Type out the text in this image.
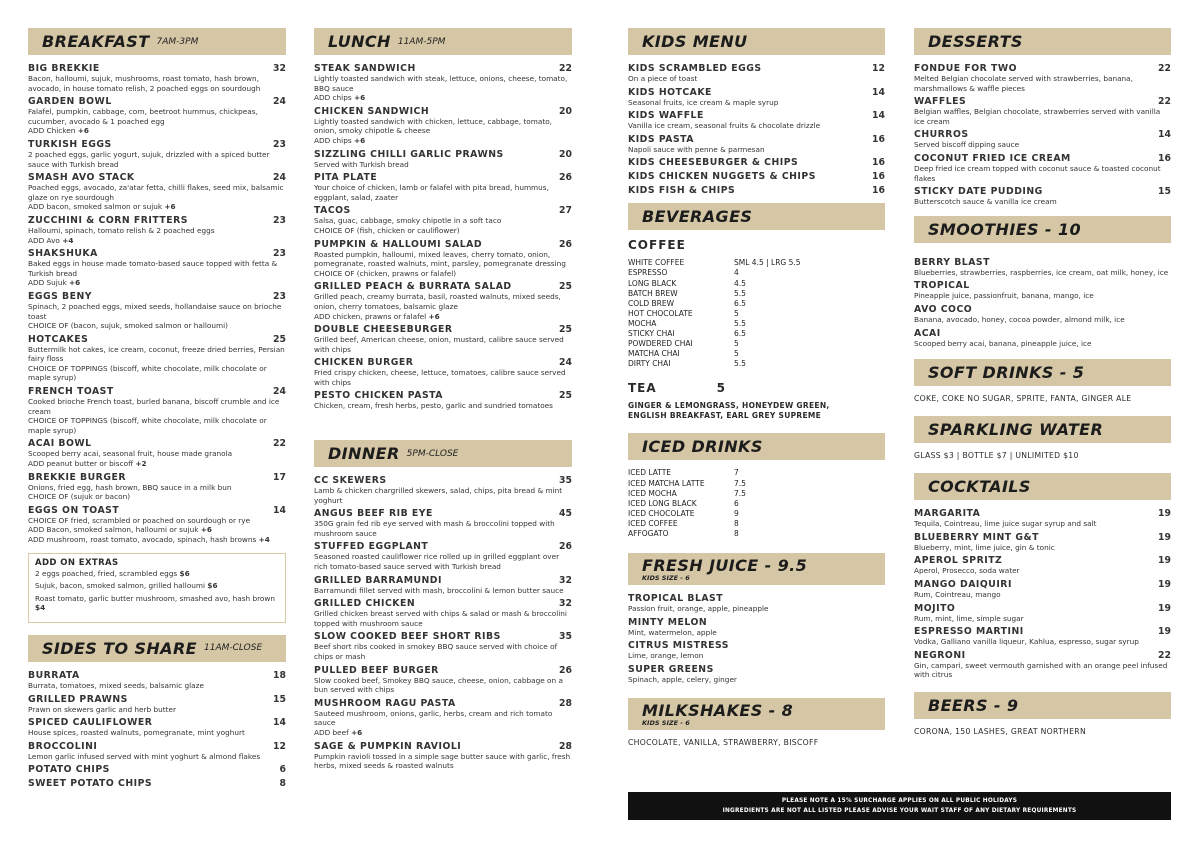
BREAKFAST 7AM-3PM
BIG BREKKIE	32
Bacon, halloumi, sujuk, mushrooms, roast tomato, hash brown, avocado, in house tomato relish, 2 poached eggs on sourdough
GARDEN BOWL	24
Falafel, pumpkin, cabbage, corn, beetroot hummus, chickpeas, cucumber, avocado & 1 poached egg
ADD Chicken +6
TURKISH EGGS	23
2 poached eggs, garlic yogurt, sujuk, drizzled with a spiced butter sauce with Turkish bread
SMASH AVO STACK	24
Poached eggs, avocado, za'atar fetta, chilli flakes, seed mix, balsamic glaze on rye sourdough
ADD bacon, smoked salmon or sujuk +6
ZUCCHINI & CORN FRITTERS	23
Halloumi, spinach, tomato relish & 2 poached eggs
ADD Avo +4
SHAKSHUKA	23
Baked eggs in house made tomato-based sauce topped with fetta & Turkish bread
ADD Sujuk +6
EGGS BENY	23
Spinach, 2 poached eggs, mixed seeds, hollandaise sauce on brioche toast
CHOICE OF (bacon, sujuk, smoked salmon or halloumi)
HOTCAKES	25
Buttermilk hot cakes, ice cream, coconut, freeze dried berries, Persian fairy floss
CHOICE OF TOPPINGS (biscoff, white chocolate, milk chocolate or maple syrup)
FRENCH TOAST	24
Cooked brioche French toast, burled banana, biscoff crumble and ice cream
CHOICE OF TOPPINGS (biscoff, white chocolate, milk chocolate or maple syrup)
ACAI BOWL	22
Scooped berry acai, seasonal fruit, house made granola
ADD peanut butter or biscoff +2
BREKKIE BURGER	17
Onions, fried egg, hash brown, BBQ sauce in a milk bun
CHOICE OF (sujuk or bacon)
EGGS ON TOAST	14
CHOICE OF fried, scrambled or poached on sourdough or rye
ADD Bacon, smoked salmon, halloumi or sujuk +6
ADD mushroom, roast tomato, avocado, spinach, hash browns +4
ADD ON EXTRAS
2 eggs poached, fried, scrambled eggs $6
Sujuk, bacon, smoked salmon, grilled halloumi $6
Roast tomato, garlic butter mushroom, smashed avo, hash brown $4
SIDES TO SHARE 11AM-CLOSE
BURRATA	18
Burrata, tomatoes, mixed seeds, balsamic glaze
GRILLED PRAWNS	15
Prawn on skewers garlic and herb butter
SPICED CAULIFLOWER	14
House spices, roasted walnuts, pomegranate, mint yoghurt
BROCCOLINI	12
Lemon garlic infused served with mint yoghurt & almond flakes
POTATO CHIPS	6
SWEET POTATO CHIPS	8
LUNCH 11AM-5PM
STEAK SANDWICH	22
Lightly toasted sandwich with steak, lettuce, onions, cheese, tomato, BBQ sauce
ADD chips +6
CHICKEN SANDWICH	20
Lightly toasted sandwich with chicken, lettuce, cabbage, tomato, onion, smoky chipotle & cheese
ADD chips +6
SIZZLING CHILLI GARLIC PRAWNS	20
Served with Turkish bread
PITA PLATE	26
Your choice of chicken, lamb or falafel with pita bread, hummus, eggplant, salad, zaater
TACOS	27
Salsa, guac, cabbage, smoky chipotle in a soft taco
CHOICE OF (fish, chicken or cauliflower)
PUMPKIN & HALLOUMI SALAD	26
Roasted pumpkin, halloumi, mixed leaves, cherry tomato, onion, pomegranate, roasted walnuts, mint, parsley, pomegranate dressing
CHOICE OF (chicken, prawns or falafel)
GRILLED PEACH & BURRATA SALAD	25
Grilled peach, creamy burrata, basil, roasted walnuts, mixed seeds, onion, cherry tomatoes, balsamic glaze
ADD chicken, prawns or falafel +6
DOUBLE CHEESEBURGER	25
Grilled beef, American cheese, onion, mustard, calibre sauce served with chips
CHICKEN BURGER	24
Fried crispy chicken, cheese, lettuce, tomatoes, calibre sauce served with chips
PESTO CHICKEN PASTA	25
Chicken, cream, fresh herbs, pesto, garlic and sundried tomatoes
DINNER 5PM-CLOSE
CC SKEWERS	35
Lamb & chicken chargrilled skewers, salad, chips, pita bread & mint yoghurt
ANGUS BEEF RIB EYE	45
350G grain fed rib eye served with mash & broccolini topped with mushroom sauce
STUFFED EGGPLANT	26
Seasoned roasted cauliflower rice rolled up in grilled eggplant over rich tomato-based sauce served with Turkish bread
GRILLED BARRAMUNDI	32
Barramundi fillet served with mash, broccolini & lemon butter sauce
GRILLED CHICKEN	32
Grilled chicken breast served with chips & salad or mash & broccolini topped with mushroom sauce
SLOW COOKED BEEF SHORT RIBS	35
Beef short ribs cooked in smokey BBQ sauce served with choice of chips or mash
PULLED BEEF BURGER	26
Slow cooked beef, Smokey BBQ sauce, cheese, onion, cabbage on a bun served with chips
MUSHROOM RAGU PASTA	28
Sauteed mushroom, onions, garlic, herbs, cream and rich tomato sauce
ADD beef +6
SAGE & PUMPKIN RAVIOLI	28
Pumpkin ravioli tossed in a simple sage butter sauce with garlic, fresh herbs, mixed seeds & roasted walnuts
KIDS MENU
KIDS SCRAMBLED EGGS	12
On a piece of toast
KIDS HOTCAKE	14
Seasonal fruits, ice cream & maple syrup
KIDS WAFFLE	14
Vanilla ice cream, seasonal fruits & chocolate drizzle
KIDS PASTA	16
Napoli sauce with penne & parmesan
KIDS CHEESEBURGER & CHIPS	16
KIDS CHICKEN NUGGETS & CHIPS	16
KIDS FISH & CHIPS	16
BEVERAGES
COFFEE
WHITE COFFEE	SML 4.5 | LRG 5.5
ESPRESSO	4
LONG BLACK	4.5
BATCH BREW	5.5
COLD BREW	6.5
HOT CHOCOLATE	5
MOCHA	5.5
STICKY CHAI	6.5
POWDERED CHAI	5
MATCHA CHAI	5
DIRTY CHAI	5.5
TEA	5
GINGER & LEMONGRASS, HONEYDEW GREEN,
ENGLISH BREAKFAST, EARL GREY SUPREME
ICED DRINKS
ICED LATTE	7
ICED MATCHA LATTE	7.5
ICED MOCHA	7.5
ICED LONG BLACK	6
ICED CHOCOLATE	9
ICED COFFEE	8
AFFOGATO	8
FRESH JUICE - 9.5
KIDS SIZE - 6
TROPICAL BLAST
Passion fruit, orange, apple, pineapple
MINTY MELON
Mint, watermelon, apple
CITRUS MISTRESS
Lime, orange, lemon
SUPER GREENS
Spinach, apple, celery, ginger
MILKSHAKES - 8
KIDS SIZE - 6
CHOCOLATE, VANILLA, STRAWBERRY, BISCOFF
DESSERTS
FONDUE FOR TWO	22
Melted Belgian chocolate served with strawberries, banana, marshmallows & waffle pieces
WAFFLES	22
Belgian waffles, Belgian chocolate, strawberries served with vanilla ice cream
CHURROS	14
Served biscoff dipping sauce
COCONUT FRIED ICE CREAM	16
Deep fried ice cream topped with coconut sauce & toasted coconut flakes
STICKY DATE PUDDING	15
Butterscotch sauce & vanilla ice cream
SMOOTHIES - 10
BERRY BLAST
Blueberries, strawberries, raspberries, ice cream, oat milk, honey, ice
TROPICAL
Pineapple juice, passionfruit, banana, mango, ice
AVO COCO
Banana, avocado, honey, cocoa powder, almond milk, ice
ACAI
Scooped berry acai, banana, pineapple juice, ice
SOFT DRINKS - 5
COKE, COKE NO SUGAR, SPRITE, FANTA, GINGER ALE
SPARKLING WATER
GLASS $3 | BOTTLE $7 | UNLIMITED $10
COCKTAILS
MARGARITA	19
Tequila, Cointreau, lime juice sugar syrup and salt
BLUEBERRY MINT G&T	19
Blueberry, mint, lime juice, gin & tonic
APEROL SPRITZ	19
Aperol, Prosecco, soda water
MANGO DAIQUIRI	19
Rum, Cointreau, mango
MOJITO	19
Rum, mint, lime, simple sugar
ESPRESSO MARTINI	19
Vodka, Galliano vanilla liqueur, Kahlua, espresso, sugar syrup
NEGRONI	22
Gin, campari, sweet vermouth garnished with an orange peel infused with citrus
BEERS - 9
CORONA, 150 LASHES, GREAT NORTHERN
PLEASE NOTE A 15% SURCHARGE APPLIES ON ALL PUBLIC HOLIDAYS
INGREDIENTS ARE NOT ALL LISTED PLEASE ADVISE YOUR WAIT STAFF OF ANY DIETARY REQUIREMENTS
